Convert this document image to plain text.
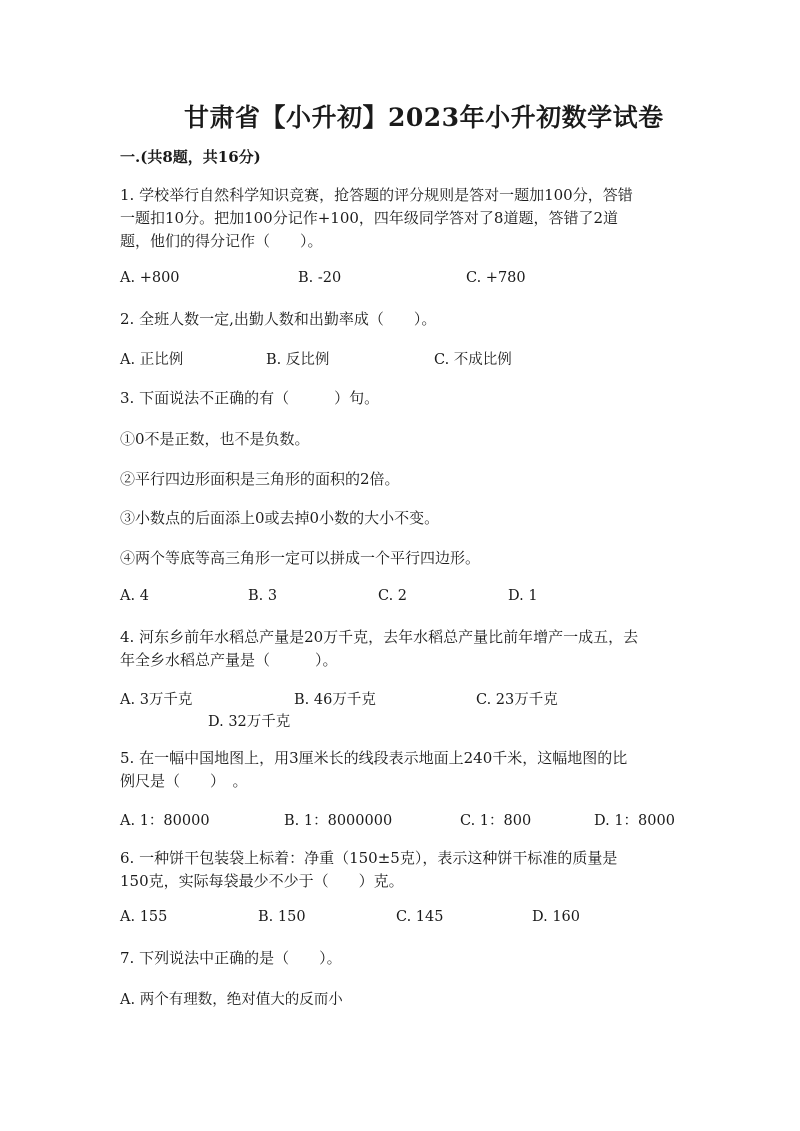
甘肃省【小升初】2023年小升初数学试卷
一.(共8题，共16分)
1. 学校举行自然科学知识竞赛，抢答题的评分规则是答对一题加100分，答错
一题扣10分。把加100分记作+100，四年级同学答对了8道题，答错了2道
题，他们的得分记作（　　）。
A. +800	B. -20	C. +780
2. 全班人数一定,出勤人数和出勤率成（　　）。
A. 正比例	B. 反比例	C. 不成比例
3. 下面说法不正确的有（　　　）句。
①0不是正数，也不是负数。
②平行四边形面积是三角形的面积的2倍。
③小数点的后面添上0或去掉0小数的大小不变。
④两个等底等高三角形一定可以拼成一个平行四边形。
A. 4	B. 3	C. 2	D. 1
4. 河东乡前年水稻总产量是20万千克，去年水稻总产量比前年增产一成五，去
年全乡水稻总产量是（　　　）。
A. 3万千克	B. 46万千克	C. 23万千克
D. 32万千克
5. 在一幅中国地图上，用3厘米长的线段表示地面上240千米，这幅地图的比
例尺是（　　）　。
A. 1：80000	B. 1：8000000	C. 1：800	D. 1：8000
6. 一种饼干包装袋上标着：净重（150±5克），表示这种饼干标准的质量是
150克，实际每袋最少不少于（　　）克。
A. 155	B. 150	C. 145	D. 160
7. 下列说法中正确的是（　　）。
A. 两个有理数，绝对值大的反而小
